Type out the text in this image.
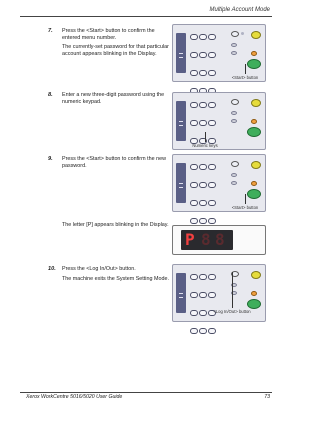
Multiple Account Mode
7. Press the <Start> button to confirm the entered menu number.

The currently-set password for that particular account appears blinking in the Display.

<Start> button
8. Enter a new three-digit password using the numeric keypad.

Numeric keys
9. Press the <Start> button to confirm the new password.

<Start> button

The letter [P] appears blinking in the Display.

P 8 8
10. Press the <Log In/Out> button.

The machine exits the System Setting Mode.

<Log In/Out> button
Xerox WorkCentre 5016/5020 User Guide	73
